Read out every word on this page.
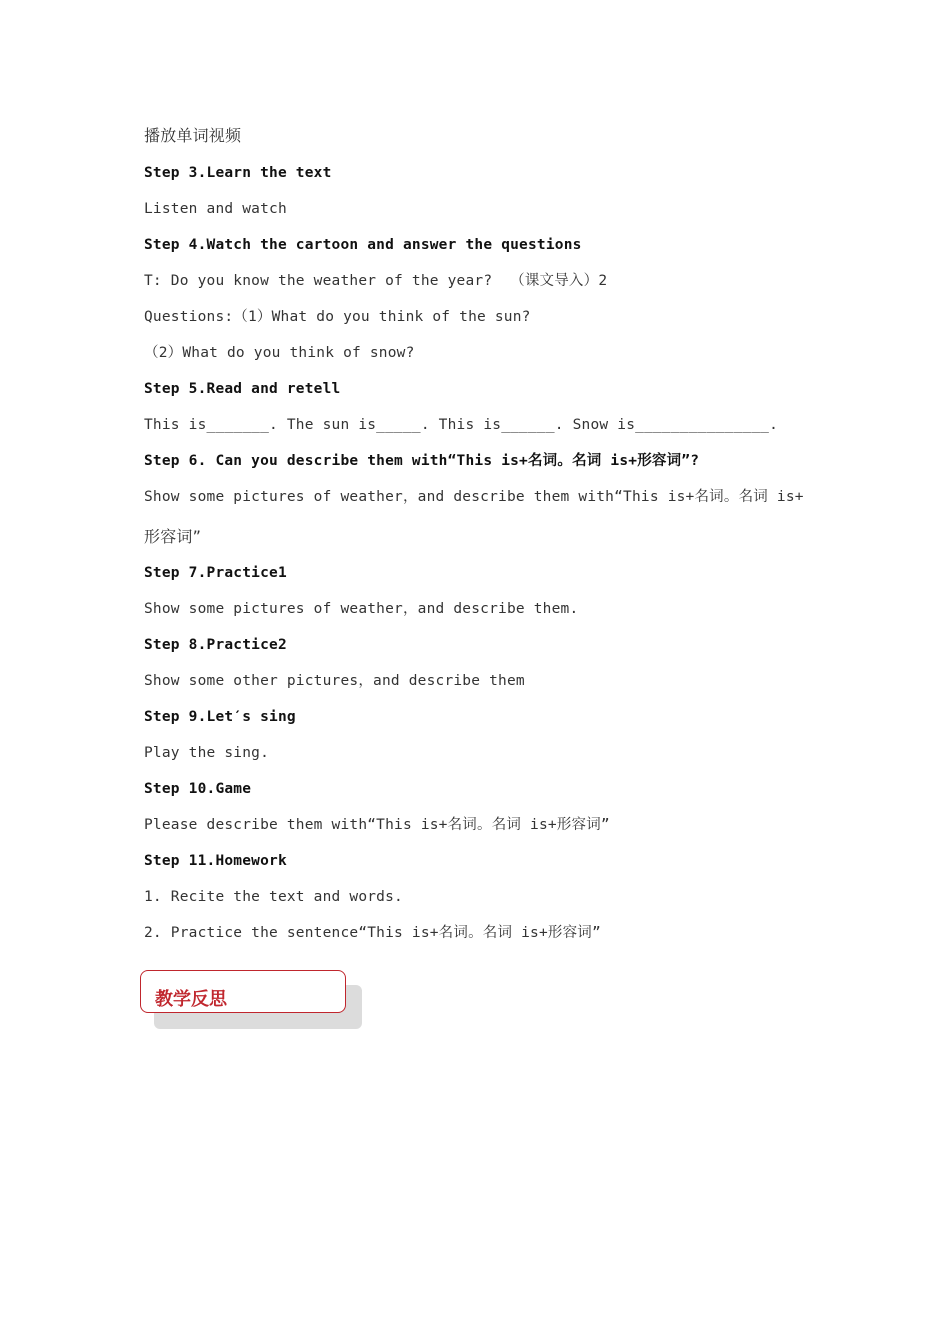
播放单词视频
Step 3.Learn the text
Listen and watch
Step 4.Watch the cartoon and answer the questions
T: Do you know the weather of the year?  （课文导入）2
Questions:（1）What do you think of the sun?
（2）What do you think of snow?
Step 5.Read and retell
This is_______. The sun is_____. This is______. Snow is_______________.
Step 6. Can you describe them with“This is+名词。名词 is+形容词”?
Show some pictures of weather，and describe them with“This is+名词。名词 is+
形容词”
Step 7.Practice1
Show some pictures of weather，and describe them.
Step 8.Practice2
Show some other pictures，and describe them
Step 9.Let′s sing
Play the sing.
Step 10.Game
Please describe them with“This is+名词。名词 is+形容词”
Step 11.Homework
1. Recite the text and words.
2. Practice the sentence“This is+名词。名词 is+形容词”
教学反思
